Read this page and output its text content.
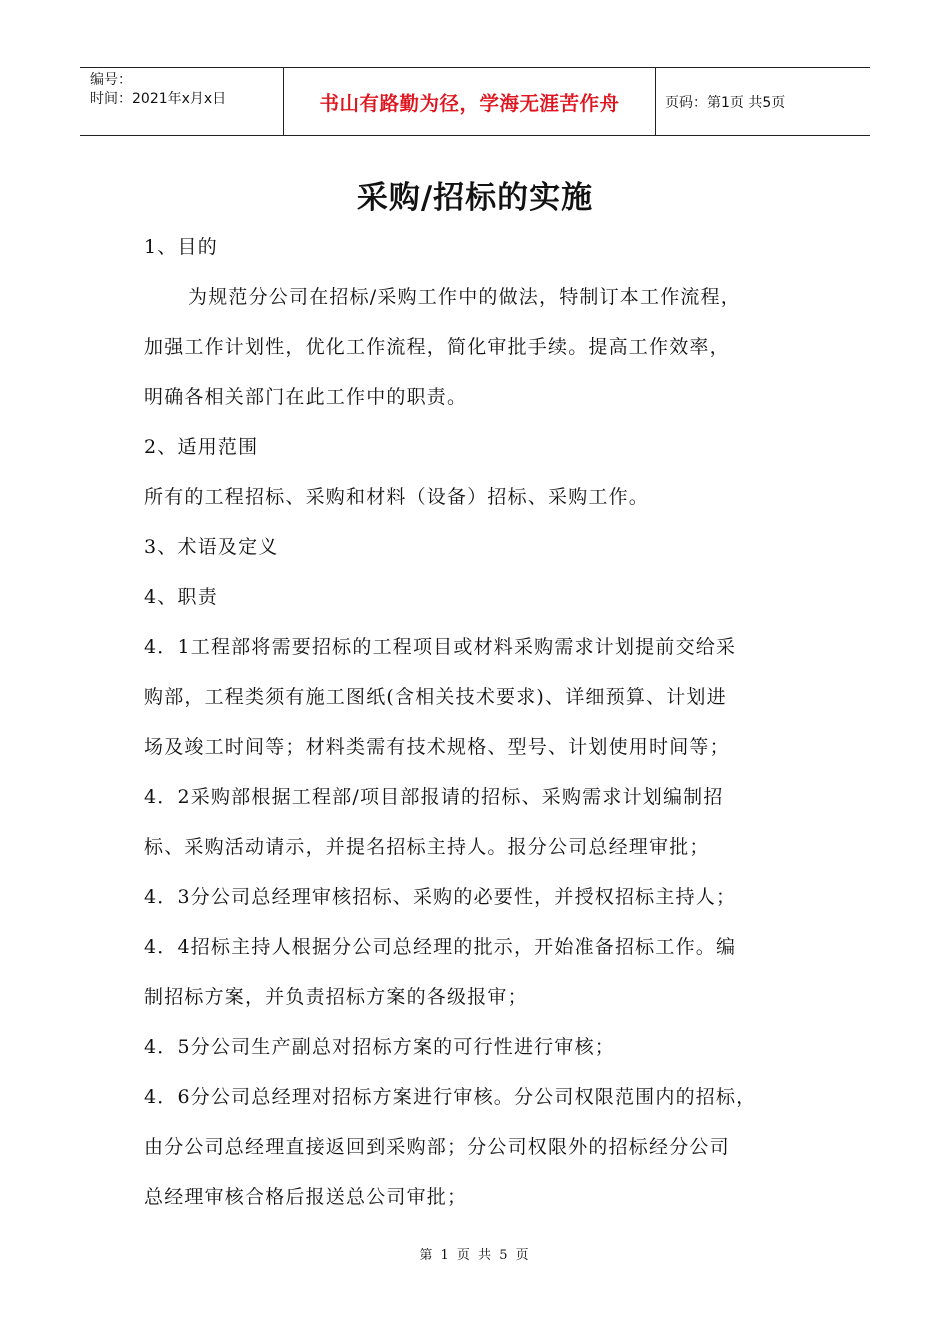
编号：
时间：2021年x月x日	书山有路勤为径，学海无涯苦作舟	页码：第1页 共5页
采购/招标的实施

1、目的

为规范分公司在招标/采购工作中的做法，特制订本工作流程，

加强工作计划性，优化工作流程，简化审批手续。提高工作效率，

明确各相关部门在此工作中的职责。

2、适用范围

所有的工程招标、采购和材料（设备）招标、采购工作。

3、术语及定义

4、职责

4．1工程部将需要招标的工程项目或材料采购需求计划提前交给采

购部，工程类须有施工图纸(含相关技术要求)、详细预算、计划进

场及竣工时间等；材料类需有技术规格、型号、计划使用时间等；

4．2采购部根据工程部/项目部报请的招标、采购需求计划编制招

标、采购活动请示，并提名招标主持人。报分公司总经理审批；

4．3分公司总经理审核招标、采购的必要性，并授权招标主持人；

4．4招标主持人根据分公司总经理的批示，开始准备招标工作。编

制招标方案，并负责招标方案的各级报审；

4．5分公司生产副总对招标方案的可行性进行审核；

4．6分公司总经理对招标方案进行审核。分公司权限范围内的招标，

由分公司总经理直接返回到采购部；分公司权限外的招标经分公司

总经理审核合格后报送总公司审批；

第 1 页 共 5 页
